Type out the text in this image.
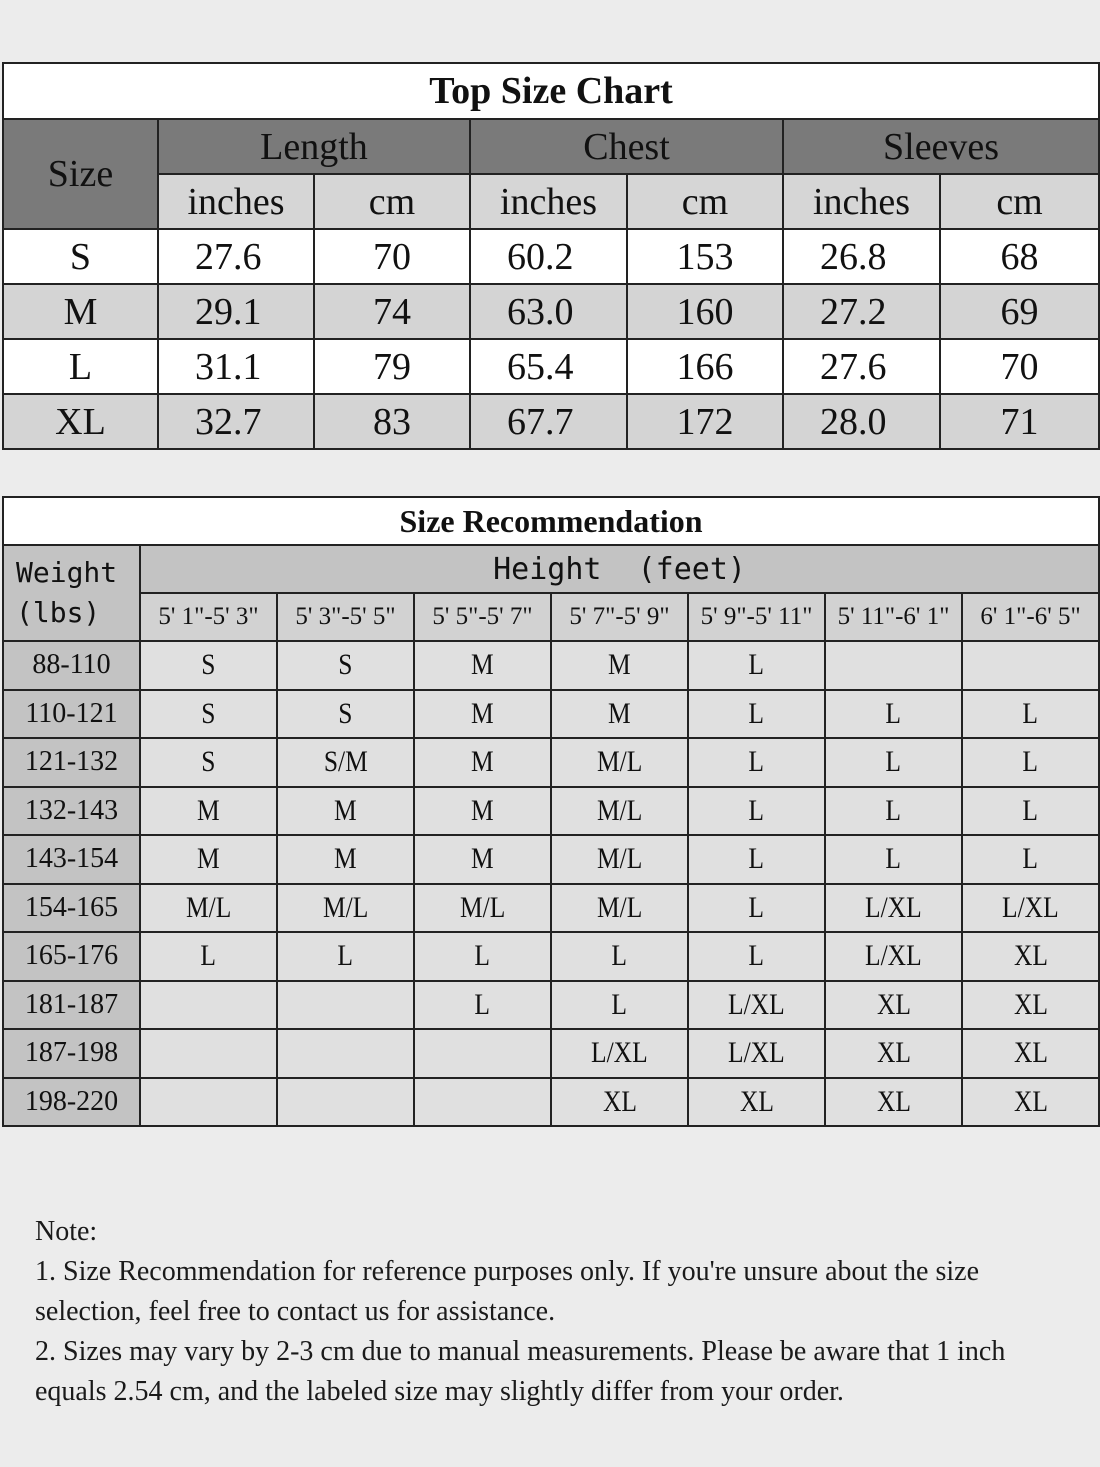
Top Size Chart						
Size	Length		Chest		Sleeves	
	inches	cm	inches	cm	inches	cm
S	27.6	70	60.2	153	26.8	68
M	29.1	74	63.0	160	27.2	69
L	31.1	79	65.4	166	27.6	70
XL	32.7	83	67.7	172	28.0	71
Size Recommendation							
Weight (lbs)	Height  (feet)						
	5' 1"-5' 3"	5' 3"-5' 5"	5' 5"-5' 7"	5' 7"-5' 9"	5' 9"-5' 11"	5' 11"-6' 1"	6' 1"-6' 5"
88-110	S	S	M	M	L		
110-121	S	S	M	M	L	L	L
121-132	S	S/M	M	M/L	L	L	L
132-143	M	M	M	M/L	L	L	L
143-154	M	M	M	M/L	L	L	L
154-165	M/L	M/L	M/L	M/L	L	L/XL	L/XL
165-176	L	L	L	L	L	L/XL	XL
181-187			L	L	L/XL	XL	XL
187-198				L/XL	L/XL	XL	XL
198-220				XL	XL	XL	XL
Note:
1. Size Recommendation for reference purposes only. If you're unsure about the size selection, feel free to contact us for assistance.
2. Sizes may vary by 2-3 cm due to manual measurements. Please be aware that 1 inch equals 2.54 cm, and the labeled size may slightly differ from your order.
